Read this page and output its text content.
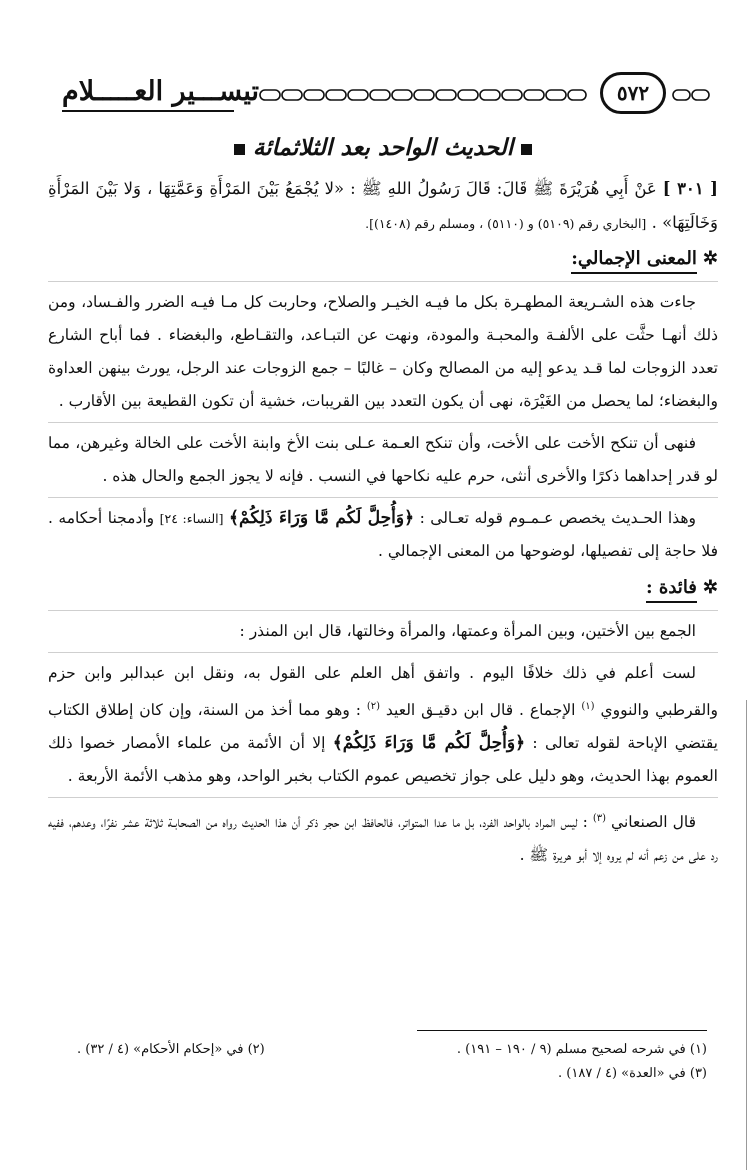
تيســـير العـــــلام	٥٧٢
الحديث الواحد بعد الثلاثمائة

[ ٣٠١ ] عَنْ أَبِي هُرَيْرَةَ ﷺ قَالَ: قَالَ رَسُولُ اللهِ ﷺ : «لا يُجْمَعُ بَيْنَ المَرْأَةِ وَعَمَّتِهَا ، وَلا بَيْنَ المَرْأَةِ وَخَالَتِهَا» . [البخاري رقم (٥١٠٩) و (٥١١٠) ، ومسلم رقم (١٤٠٨)].

✲المعنى الإجمالي:

جاءت هذه الشـريعة المطهـرة بكل ما فيـه الخيـر والصلاح، وحاربت كل مـا فيـه الضرر والفـساد، ومن ذلك أنهـا حثَّت على الألفـة والمحبـة والمودة، ونهت عن التبـاعد، والتقـاطع، والبغضاء . فما أباح الشارع تعدد الزوجات لما قـد يدعو إليه من المصالح وكان – غالبًا – جمع الزوجات عند الرجل، يورث بينهن العداوة والبغضاء؛ لما يحصل من الغَيْرَة، نهى أن يكون التعدد بين القريبات، خشية أن تكون القطيعة بين الأقارب .

فنهى أن تنكح الأخت على الأخت، وأن تنكح العـمة عـلى بنت الأخ وابنة الأخت على الخالة وغيرهن، مما لو قدر إحداهما ذكرًا والأخرى أنثى، حرم عليه نكاحها في النسب . فإنه لا يجوز الجمع والحال هذه .

وهذا الحـديث يخصص عـمـوم قوله تعـالى : ﴿وَأُحِلَّ لَكُم مَّا وَرَاءَ ذَلِكُمْ﴾ [النساء: ٢٤] وأدمجنا أحكامه . فلا حاجة إلى تفصيلها، لوضوحها من المعنى الإجمالي .

✲فائدة :

الجمع بين الأختين، وبين المرأة وعمتها، والمرأة وخالتها، قال ابن المنذر :

لست أعلم في ذلك خلافًا اليوم . واتفق أهل العلم على القول به، ونقل ابن عبدالبر وابن حزم والقرطبي والنووي $^{(١)}$ الإجماع . قال ابن دقيـق العيد $^{(٢)}$ : وهو مما أخذ من السنة، وإن كان إطلاق الكتاب يقتضي الإباحة لقوله تعالى : ﴿وَأُحِلَّ لَكُم مَّا وَرَاءَ ذَلِكُمْ﴾ إلا أن الأئمة من علماء الأمصار خصوا ذلك العموم بهذا الحديث، وهو دليل على جواز تخصيص عموم الكتاب بخبر الواحد، وهو مذهب الأئمة الأربعة .

قال الصنعاني $^{(٣)}$ : ليس المراد بالواحد الفرد، بل ما عدا المتواتر، فالحافظ ابن حجر ذكر أن هذا الحديث رواه من الصحابـة ثلاثة عشر نفرًا، وعدهم، ففيه رد على من زعم أنه لم يروه إلا أبو هريرة ﷺ .

(١) في شرحه لصحيح مسلم (٩ / ١٩٠ – ١٩١) .
(٢) في «إحكام الأحكام» (٤ / ٣٢) .
(٣) في «العدة» (٤ / ١٨٧) .
